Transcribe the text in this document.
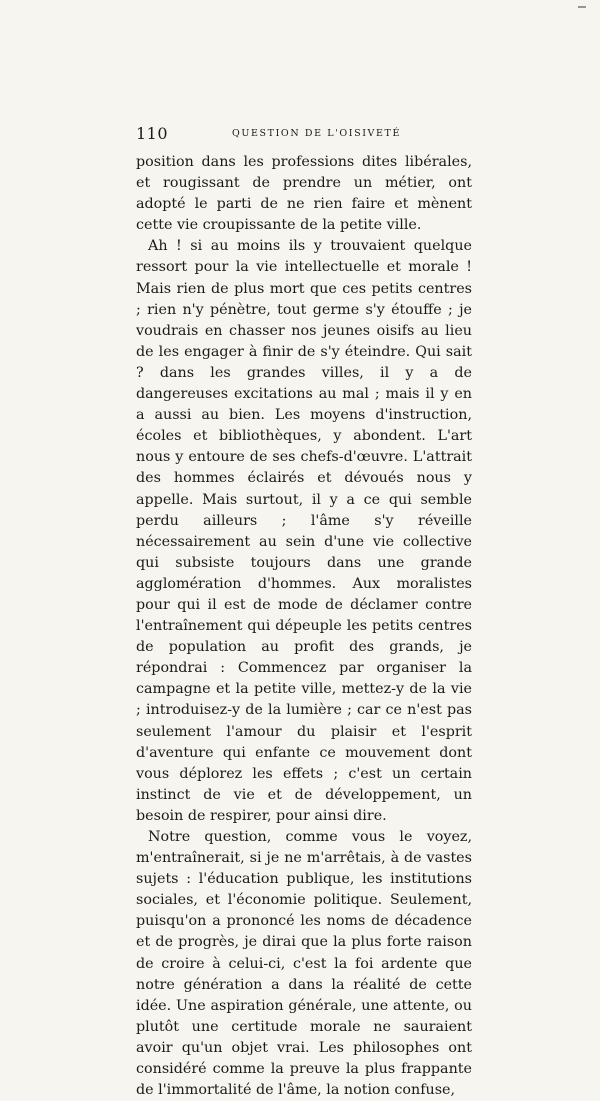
110	QUESTION DE L'OISIVETÉ

position dans les professions dites libérales, et rougissant de prendre un métier, ont adopté le parti de ne rien faire et mènent cette vie croupissante de la petite ville.

Ah ! si au moins ils y trouvaient quelque ressort pour la vie intellectuelle et morale ! Mais rien de plus mort que ces petits centres ; rien n'y pénètre, tout germe s'y étouffe ; je voudrais en chasser nos jeunes oisifs au lieu de les engager à finir de s'y éteindre. Qui sait ? dans les grandes villes, il y a de dangereuses excitations au mal ; mais il y en a aussi au bien. Les moyens d'instruction, écoles et bibliothèques, y abondent. L'art nous y entoure de ses chefs-d'œuvre. L'attrait des hommes éclairés et dévoués nous y appelle. Mais surtout, il y a ce qui semble perdu ailleurs ; l'âme s'y réveille nécessairement au sein d'une vie collective qui subsiste toujours dans une grande agglomération d'hommes. Aux moralistes pour qui il est de mode de déclamer contre l'entraînement qui dépeuple les petits centres de population au profit des grands, je répondrai : Commencez par organiser la campagne et la petite ville, mettez-y de la vie ; introduisez-y de la lumière ; car ce n'est pas seulement l'amour du plaisir et l'esprit d'aventure qui enfante ce mouvement dont vous déplorez les effets ; c'est un certain instinct de vie et de développement, un besoin de respirer, pour ainsi dire.

Notre question, comme vous le voyez, m'entraînerait, si je ne m'arrêtais, à de vastes sujets : l'éducation publique, les institutions sociales, et l'économie politique. Seulement, puisqu'on a prononcé les noms de décadence et de progrès, je dirai que la plus forte raison de croire à celui-ci, c'est la foi ardente que notre génération a dans la réalité de cette idée. Une aspiration générale, une attente, ou plutôt une certitude morale ne sauraient avoir qu'un objet vrai. Les philosophes ont considéré comme la preuve la plus frappante de l'immortalité de l'âme, la notion confuse,
